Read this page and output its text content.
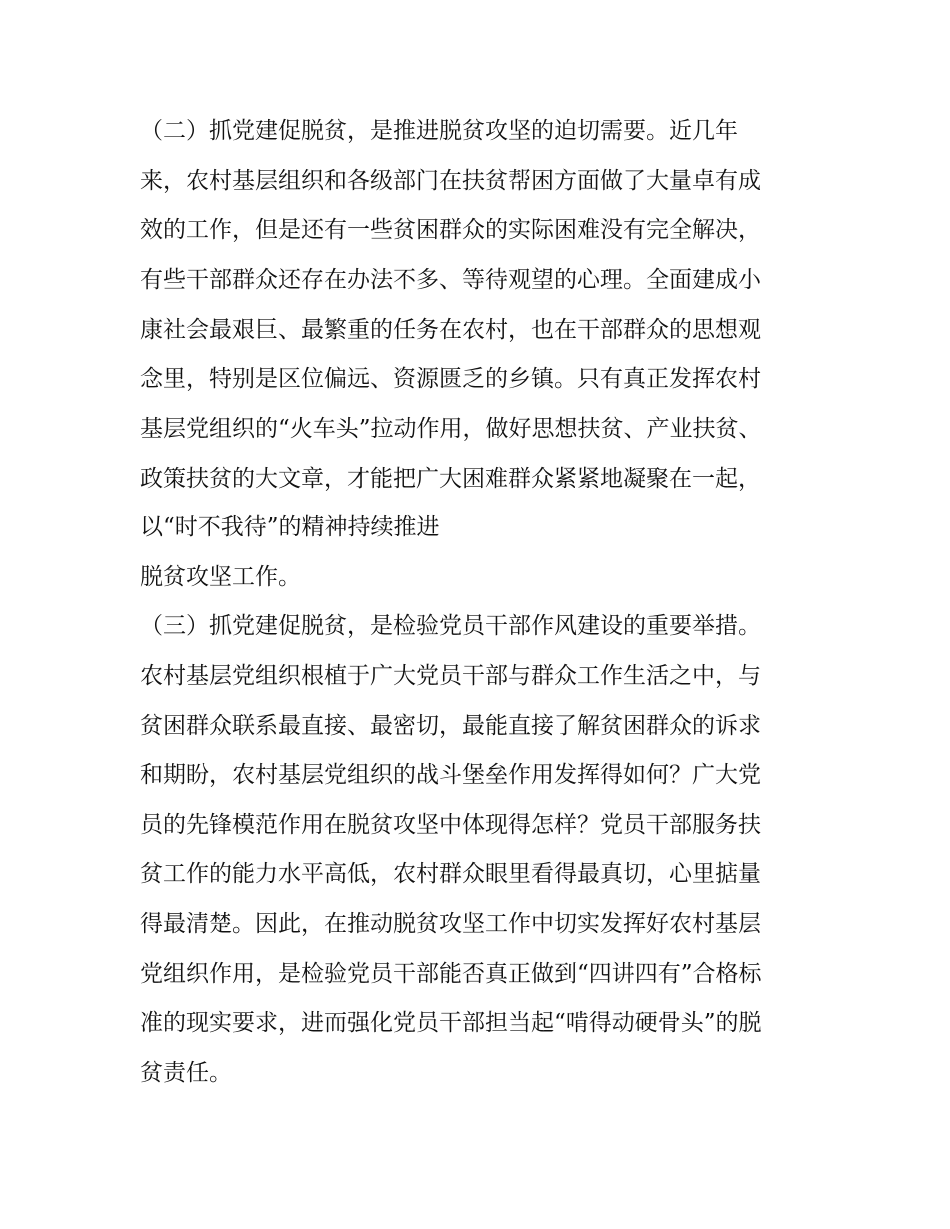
（二）抓党建促脱贫，是推进脱贫攻坚的迫切需要。近几年

来，农村基层组织和各级部门在扶贫帮困方面做了大量卓有成

效的工作，但是还有一些贫困群众的实际困难没有完全解决，

有些干部群众还存在办法不多、等待观望的心理。全面建成小

康社会最艰巨、最繁重的任务在农村，也在干部群众的思想观

念里，特别是区位偏远、资源匮乏的乡镇。只有真正发挥农村

基层党组织的“火车头”拉动作用，做好思想扶贫、产业扶贫、

政策扶贫的大文章，才能把广大困难群众紧紧地凝聚在一起，

以“时不我待”的精神持续推进

脱贫攻坚工作。

（三）抓党建促脱贫，是检验党员干部作风建设的重要举措。

农村基层党组织根植于广大党员干部与群众工作生活之中，与

贫困群众联系最直接、最密切，最能直接了解贫困群众的诉求

和期盼，农村基层党组织的战斗堡垒作用发挥得如何？广大党

员的先锋模范作用在脱贫攻坚中体现得怎样？党员干部服务扶

贫工作的能力水平高低，农村群众眼里看得最真切，心里掂量

得最清楚。因此，在推动脱贫攻坚工作中切实发挥好农村基层

党组织作用，是检验党员干部能否真正做到“四讲四有”合格标

准的现实要求，进而强化党员干部担当起“啃得动硬骨头”的脱

贫责任。
